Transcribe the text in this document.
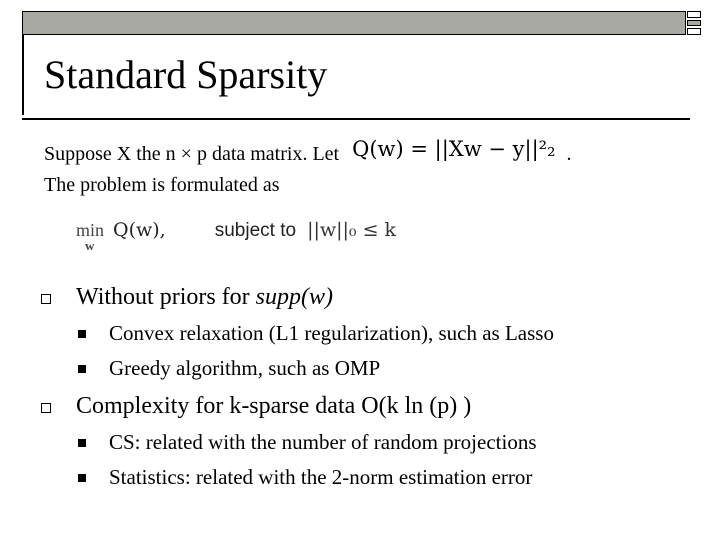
Standard Sparsity
Suppose X the n × p data matrix. Let Q(w) = ||Xw − y||²₂ .
The problem is formulated as
min
w
Q(w),	subject to ||w||₀ ≤ k
Without priors for supp(w)
Convex relaxation (L1 regularization), such as Lasso
Greedy algorithm, such as OMP
Complexity for k-sparse data O(k ln (p) )
CS: related with the number of random projections
Statistics: related with the 2-norm estimation error
